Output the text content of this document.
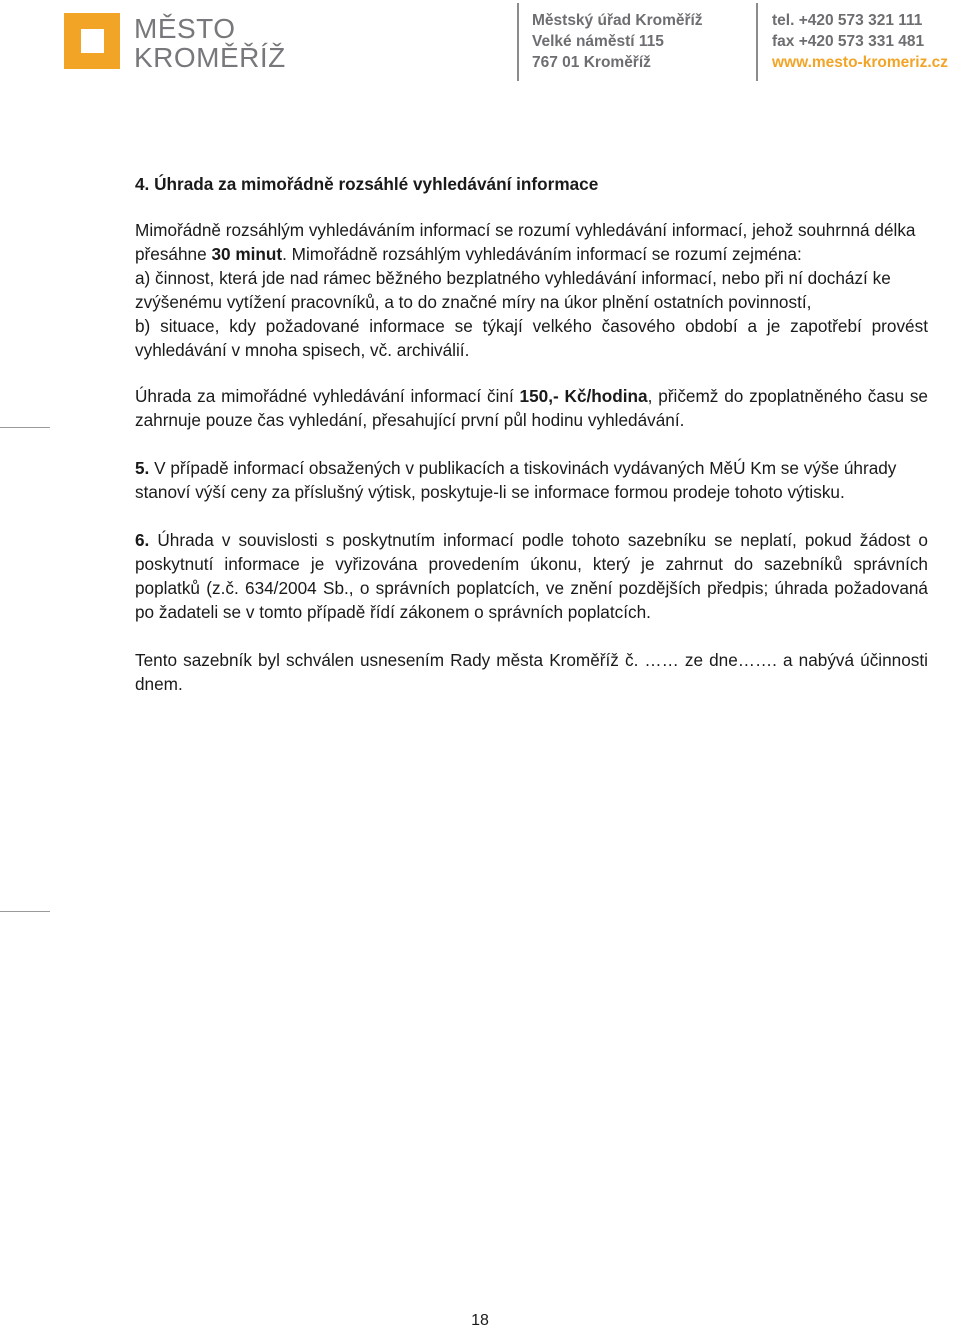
MĚSTO
KROMĚŘÍŽ
Městský úřad Kroměříž
Velké náměstí 115
767 01 Kroměříž
tel. +420 573 321 111
fax +420 573 331 481
www.mesto-kromeriz.cz

4. Úhrada za mimořádně rozsáhlé vyhledávání informace

Mimořádně rozsáhlým vyhledáváním informací se rozumí vyhledávání informací, jehož souhrnná délka přesáhne 30 minut. Mimořádně rozsáhlým vyhledáváním informací se rozumí zejména:

a) činnost, která jde nad rámec běžného bezplatného vyhledávání informací, nebo při ní dochází ke zvýšenému vytížení pracovníků, a to do značné míry na úkor plnění ostatních povinností,

b) situace, kdy požadované informace se týkají velkého časového období a je zapotřebí provést vyhledávání v mnoha spisech, vč. archiválií.

Úhrada za mimořádné vyhledávání informací činí 150,- Kč/hodina, přičemž do zpoplatněného času se zahrnuje pouze čas vyhledání, přesahující první půl hodinu vyhledávání.

5. V případě informací obsažených v publikacích a tiskovinách vydávaných MěÚ Km se výše úhrady stanoví výší ceny za příslušný výtisk, poskytuje-li se informace formou prodeje tohoto výtisku.

6. Úhrada v souvislosti s poskytnutím informací podle tohoto sazebníku se neplatí, pokud žádost o poskytnutí informace je vyřizována provedením úkonu, který je zahrnut do sazebníků správních poplatků (z.č. 634/2004 Sb., o správních poplatcích, ve znění pozdějších předpis; úhrada požadovaná po žadateli se v tomto případě řídí zákonem o správních poplatcích.

Tento sazebník byl schválen usnesením Rady města Kroměříž č. …… ze dne……. a nabývá účinnosti dnem.

18
